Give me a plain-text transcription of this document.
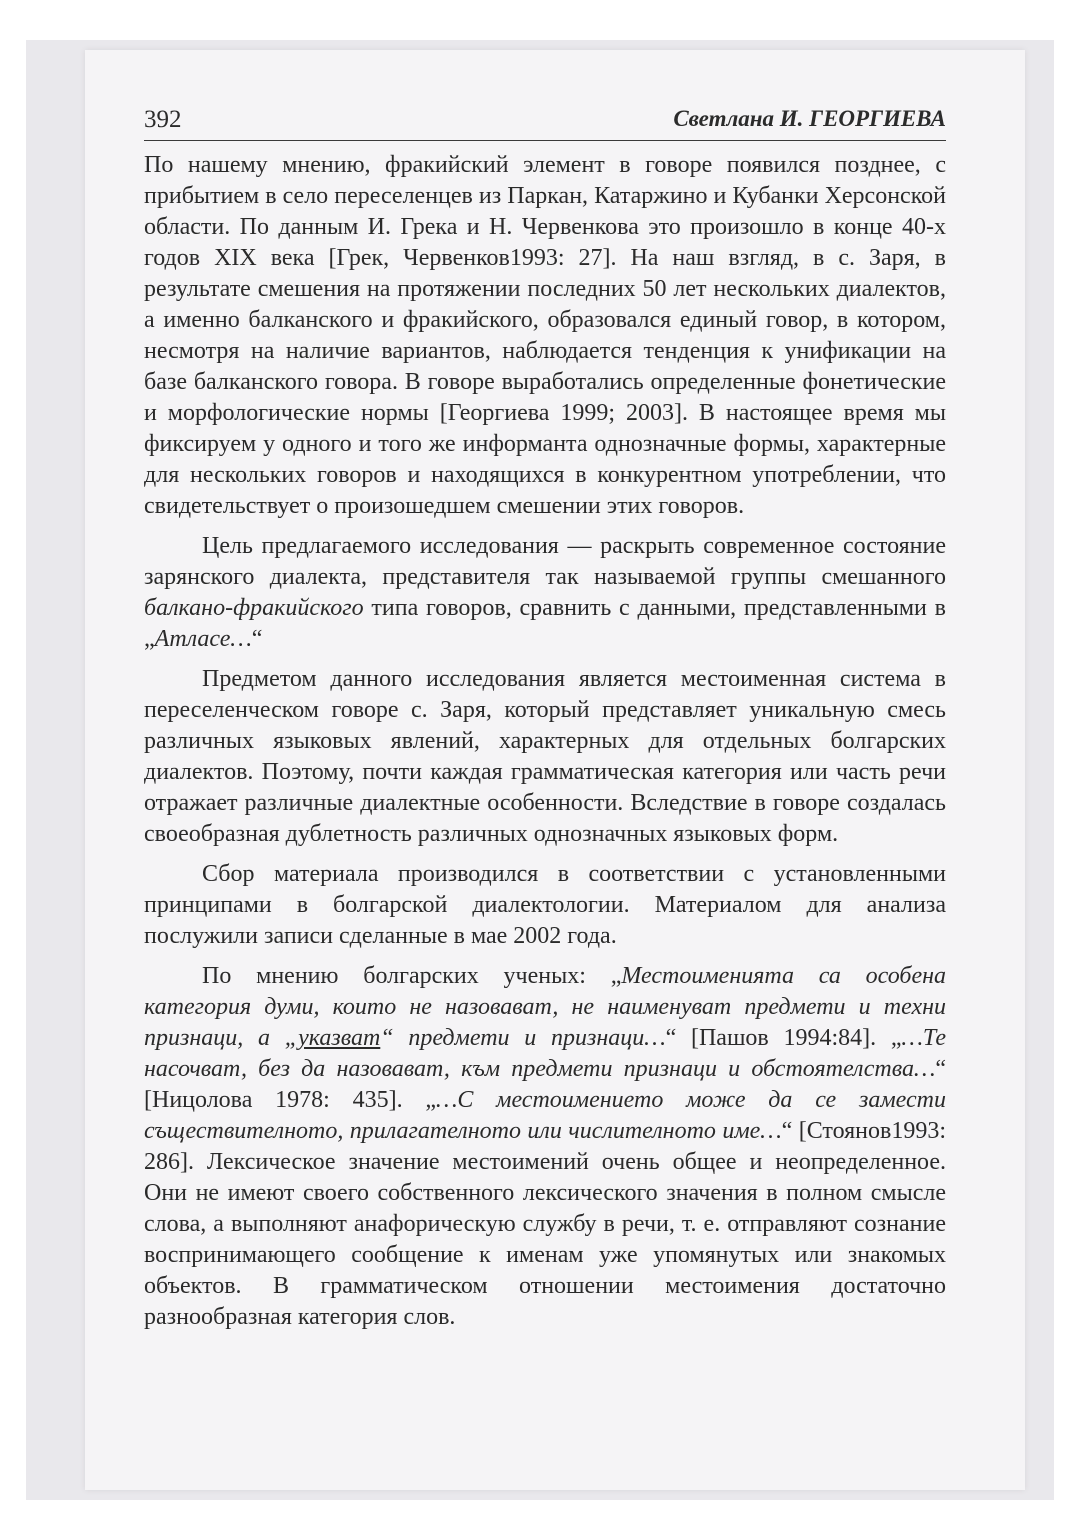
392	Светлана И. ГЕОРГИЕВА

По нашему мнению, фракийский элемент в говоре появился позднее, с прибытием в село переселенцев из Паркан, Катаржино и Кубанки Херсонской области. По данным И. Грека и Н. Червенкова это произошло в конце 40-х годов XIX века [Грек, Червенков1993: 27]. На наш взгляд, в с. Заря, в результате смешения на протяжении последних 50 лет нескольких диалектов, а именно балканского и фракийского, образовался единый говор, в котором, несмотря на наличие вариантов, наблюдается тенденция к унификации на базе балканского говора. В говоре выработались определенные фонетические и морфологические нормы [Георгиева 1999; 2003]. В настоящее время мы фиксируем у одного и того же информанта однозначные формы, характерные для нескольких говоров и находящихся в конкурентном употреблении, что свидетельствует о произошедшем смешении этих говоров.

Цель предлагаемого исследования — раскрыть современное состояние зарянского диалекта, представителя так называемой группы смешанного балкано-фракийского типа говоров, сравнить с данными, представленными в „Атласе…“

Предметом данного исследования является местоименная система в переселенческом говоре с. Заря, который представляет уникальную смесь различных языковых явлений, характерных для отдельных болгарских диалектов. Поэтому, почти каждая грамматическая категория или часть речи отражает различные диалектные особенности. Вследствие в говоре создалась своеобразная дублетность различных однозначных языковых форм.

Сбор материала производился в соответствии с установленными принципами в болгарской диалектологии. Материалом для анализа послужили записи сделанные в мае 2002 года.

По мнению болгарских ученых: „Местоименията са особена категория думи, които не назовават, не наименуват предмети и техни признаци, а „указват“ предмети и признаци…“ [Пашов 1994:84]. „…Те насочват, без да назовават, към предмети признаци и обстоятелства…“ [Ницолова 1978: 435]. „…С местоимението може да се замести съществителното, прилагателното или числителното име…“ [Стоянов1993: 286]. Лексическое значение местоимений очень общее и неопределенное. Они не имеют своего собственного лексического значения в полном смысле слова, а выполняют анафорическую службу в речи, т. е. отправляют сознание воспринимающего сообщение к именам уже упомянутых или знакомых объектов. В грамматическом отношении местоимения достаточно разнообразная категория слов.
